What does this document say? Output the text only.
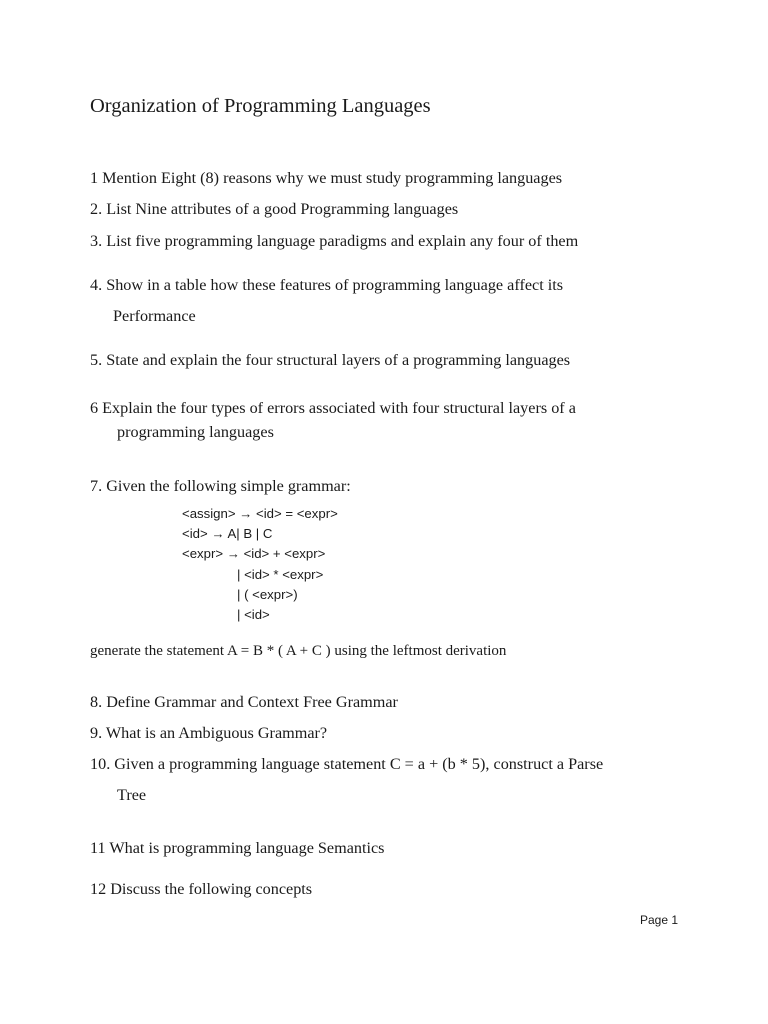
Organization of Programming Languages
1 Mention Eight (8) reasons why we must study programming languages
2. List Nine attributes of a good Programming languages
3. List five programming language paradigms and explain any four of them
4. Show in a table how these features of programming language affect its
Performance
5. State and explain the four structural layers of a programming languages
6 Explain the four types of errors associated with four structural layers of a
programming languages
7. Given the following simple grammar:
<assign> → <id> = <expr>
<id> → A| B | C
<expr> → <id> + <expr>
| <id> * <expr>
| ( <expr>)
| <id>
generate the statement A = B * ( A + C ) using the leftmost derivation
8. Define Grammar and Context Free Grammar
9. What is an Ambiguous Grammar?
10. Given a programming language statement C = a + (b * 5), construct a Parse
Tree
11 What is programming language Semantics
12 Discuss the following concepts
Page 1
